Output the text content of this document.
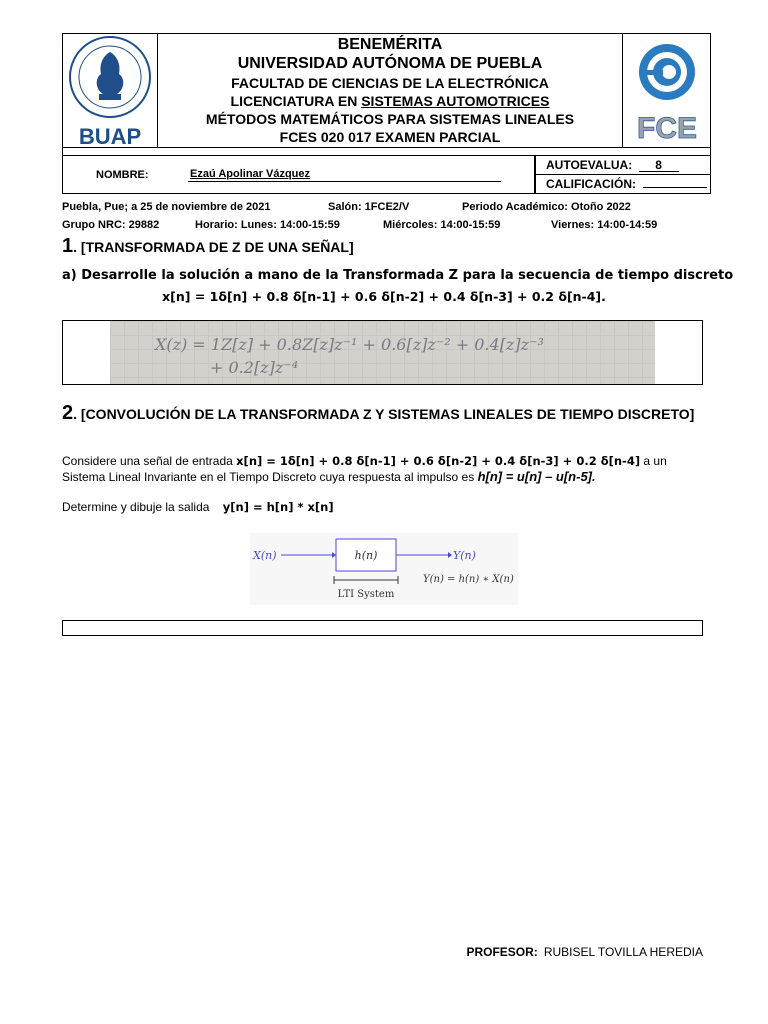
BUAP
BENEMÉRITA
UNIVERSIDAD AUTÓNOMA DE PUEBLA
FACULTAD DE CIENCIAS DE LA ELECTRÓNICA
LICENCIATURA EN SISTEMAS AUTOMOTRICES
MÉTODOS MATEMÁTICOS PARA SISTEMAS LINEALES
FCES 020 017 EXAMEN PARCIAL	FCE
NOMBRE:	Ezaú Apolinar Vázquez
AUTOEVALUA: 8
CALIFICACIÓN:
Puebla, Pue; a 25 de noviembre de 2021	Salón: 1FCE2/V	Periodo Académico: Otoño 2022
Grupo NRC: 29882	Horario: Lunes: 14:00-15:59	Miércoles: 14:00-15:59	Viernes: 14:00-14:59
1. [TRANSFORMADA DE Z DE UNA SEÑAL]
a) Desarrolle la solución a mano de la Transformada Z para la secuencia de tiempo discreto
x[n] = 1δ[n] + 0.8 δ[n-1] + 0.6 δ[n-2] + 0.4 δ[n-3] + 0.2 δ[n-4].
X(z) = 1Z[z] + 0.8Z[z]z⁻¹ + 0.6[z]z⁻² + 0.4[z]z⁻³
+ 0.2[z]z⁻⁴
2. [CONVOLUCIÓN DE LA TRANSFORMADA Z Y SISTEMAS LINEALES DE TIEMPO DISCRETO]
Considere una señal de entrada x[n] = 1δ[n] + 0.8 δ[n-1] + 0.6 δ[n-2] + 0.4 δ[n-3] + 0.2 δ[n-4] a un Sistema Lineal Invariante en el Tiempo Discreto cuya respuesta al impulso es h[n] = u[n] – u[n-5].
Determine y dibuje la salida y[n] = h[n] * x[n]
X(n)	h(n)	Y(n)
LTI System
Y(n) = h(n) ∗ X(n)
PROFESOR: RUBISEL TOVILLA HEREDIA
